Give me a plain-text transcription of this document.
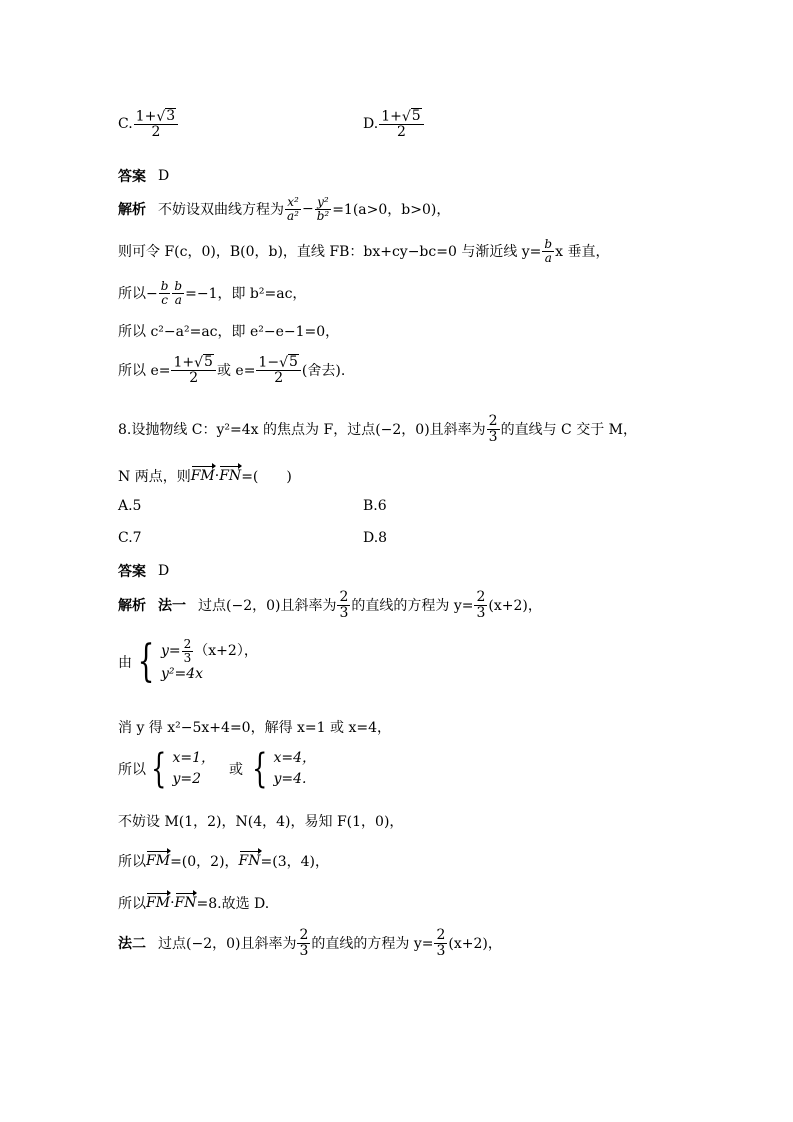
C. $\frac{1+ √ 3}{2}$	D. $\frac{1+ √ 5}{2}$
答案 D
解析 不妨设双曲线方程为 $\frac{\text{x²}}{\text{a²}} - \frac{\text{y²}}{\text{b²}} =1(a>0$，b>0)，
则可令 F(c，0)，B(0，b)，直线 FB：bx+cy−bc=0 与渐近线 $y= \frac{b}{a}$ x 垂直，
所以− $\frac{b}{c} \frac{b}{a} =-1$，即 b²=ac，
所以 c²−a²=ac，即 e²−e−1=0，
所以 $e= \frac{1+ √ 5}{2}$ 或 $e= \frac{1- √ 5}{2}$ (舍去).
8.设抛物线 C：y²=4x 的焦点为 F，过点(−2，0)且斜率为 $\frac{2}{3}$ 的直线与 C 交于 M，
N 两点，则 FM · FN =(　　)
A.5	B.6
C.7	D.8
答案 D
解析 法一 过点(−2，0)且斜率为 $\frac{2}{3}$ 的直线的方程为 $y= \frac{2}{3} (x+2)$，
由 { $y= \frac{2}{3} (x+2)$，
y²=4x
消 y 得 x²−5x+4=0，解得 x=1 或 x=4，
所以 { x=1，
y=2
或 { x=4，
y=4.
不妨设 M(1，2)，N(4，4)，易知 F(1，0)，
所以 FM =(0，2)， FN =(3，4)，
所以 FM · FN =8.故选 D.
法二 过点(−2，0)且斜率为 $\frac{2}{3}$ 的直线的方程为 $y= \frac{2}{3} (x+2)$，
